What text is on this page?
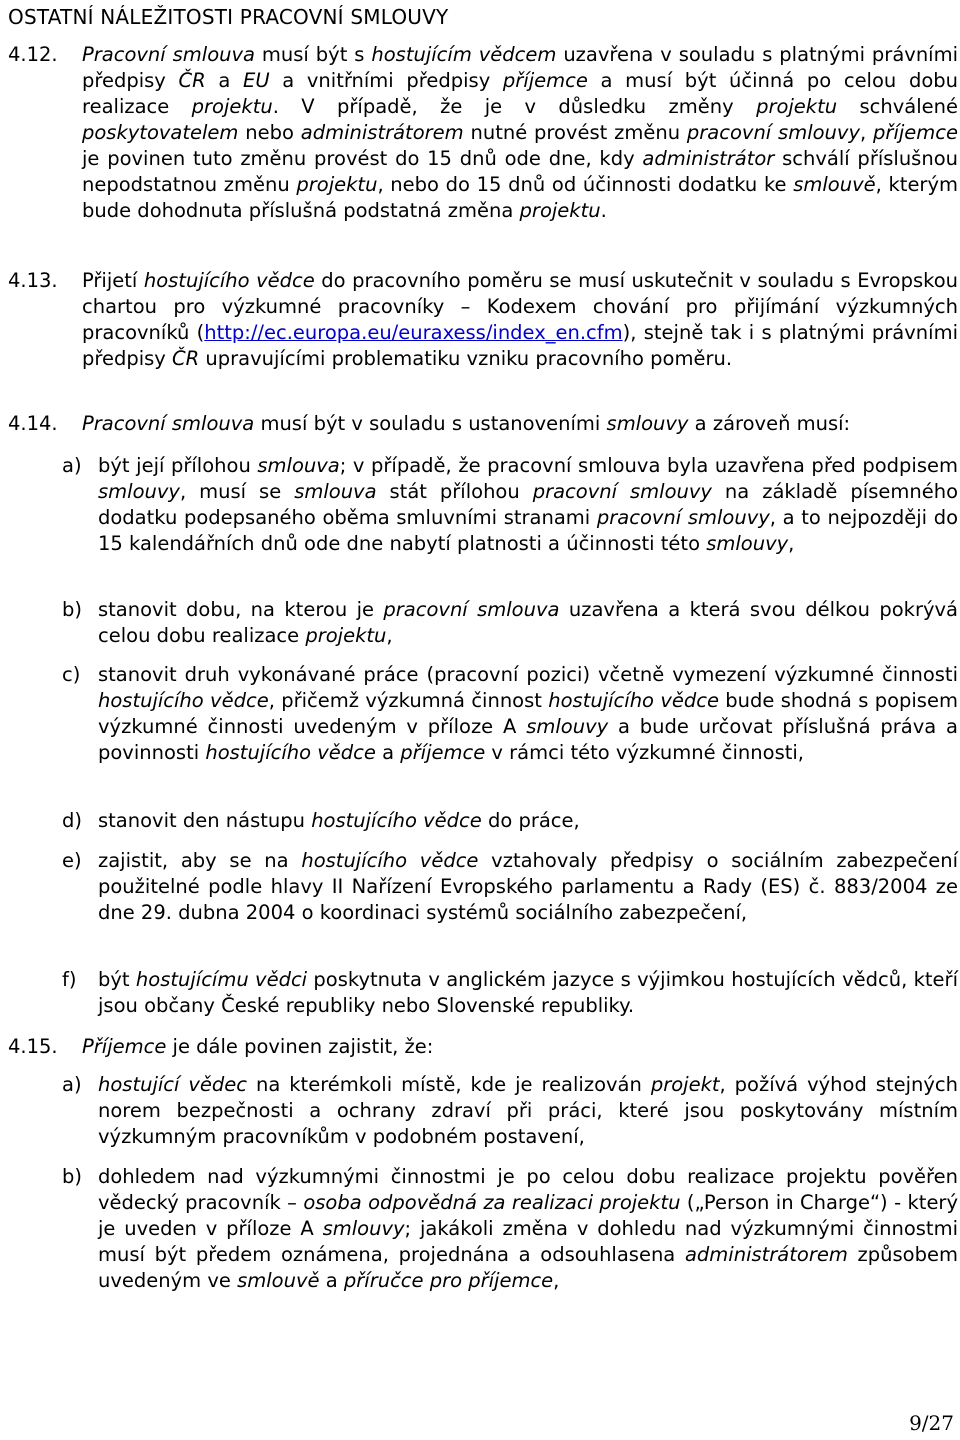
OSTATNÍ NÁLEŽITOSTI PRACOVNÍ SMLOUVY
4.12. Pracovní smlouva musí být s hostujícím vědcem uzavřena v souladu s platnými právními předpisy ČR a EU a vnitřními předpisy příjemce a musí být účinná po celou dobu realizace projektu. V případě, že je v důsledku změny projektu schválené poskytovatelem nebo administrátorem nutné provést změnu pracovní smlouvy, příjemce je povinen tuto změnu provést do 15 dnů ode dne, kdy administrátor schválí příslušnou nepodstatnou změnu projektu, nebo do 15 dnů od účinnosti dodatku ke smlouvě, kterým bude dohodnuta příslušná podstatná změna projektu.
4.13. Přijetí hostujícího vědce do pracovního poměru se musí uskutečnit v souladu s Evropskou chartou pro výzkumné pracovníky – Kodexem chování pro přijímání výzkumných pracovníků (http://ec.europa.eu/euraxess/index_en.cfm), stejně tak i s platnými právními předpisy ČR upravujícími problematiku vzniku pracovního poměru.
4.14. Pracovní smlouva musí být v souladu s ustanoveními smlouvy a zároveň musí:
a) být její přílohou smlouva; v případě, že pracovní smlouva byla uzavřena před podpisem smlouvy, musí se smlouva stát přílohou pracovní smlouvy na základě písemného dodatku podepsaného oběma smluvními stranami pracovní smlouvy, a to nejpozději do 15 kalendářních dnů ode dne nabytí platnosti a účinnosti této smlouvy,
b) stanovit dobu, na kterou je pracovní smlouva uzavřena a která svou délkou pokrývá celou dobu realizace projektu,
c) stanovit druh vykonávané práce (pracovní pozici) včetně vymezení výzkumné činnosti hostujícího vědce, přičemž výzkumná činnost hostujícího vědce bude shodná s popisem výzkumné činnosti uvedeným v příloze A smlouvy a bude určovat příslušná práva a povinnosti hostujícího vědce a příjemce v rámci této výzkumné činnosti,
d) stanovit den nástupu hostujícího vědce do práce,
e) zajistit, aby se na hostujícího vědce vztahovaly předpisy o sociálním zabezpečení použitelné podle hlavy II Nařízení Evropského parlamentu a Rady (ES) č. 883/2004 ze dne 29. dubna 2004 o koordinaci systémů sociálního zabezpečení,
f) být hostujícímu vědci poskytnuta v anglickém jazyce s výjimkou hostujících vědců, kteří jsou občany České republiky nebo Slovenské republiky.
4.15. Příjemce je dále povinen zajistit, že:
a) hostující vědec na kterémkoli místě, kde je realizován projekt, požívá výhod stejných norem bezpečnosti a ochrany zdraví při práci, které jsou poskytovány místním výzkumným pracovníkům v podobném postavení,
b) dohledem nad výzkumnými činnostmi je po celou dobu realizace projektu pověřen vědecký pracovník – osoba odpovědná za realizaci projektu („Person in Charge“) - který je uveden v příloze A smlouvy; jakákoli změna v dohledu nad výzkumnými činnostmi musí být předem oznámena, projednána a odsouhlasena administrátorem způsobem uvedeným ve smlouvě a příručce pro příjemce,
9/27
